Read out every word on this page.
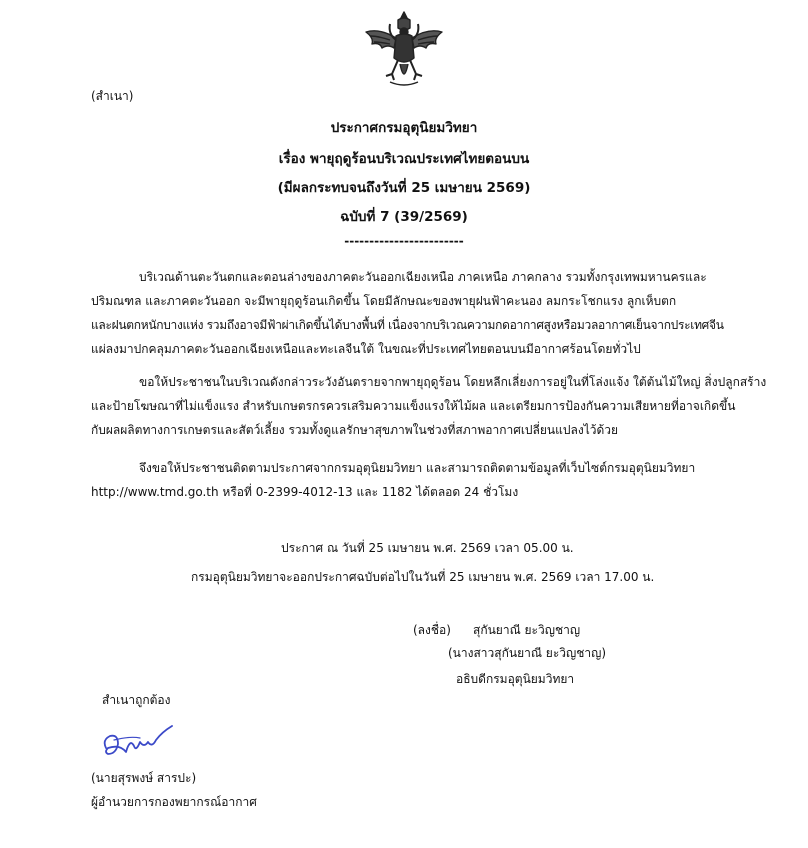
(สำเนา)
ประกาศกรมอุตุนิยมวิทยา
เรื่อง พายุฤดูร้อนบริเวณประเทศไทยตอนบน
(มีผลกระทบจนถึงวันที่ 25 เมษายน 2569)
ฉบับที่ 7 (39/2569)
------------------------
บริเวณด้านตะวันตกและตอนล่างของภาคตะวันออกเฉียงเหนือ ภาคเหนือ ภาคกลาง รวมทั้งกรุงเทพมหานครและ
ปริมณฑล และภาคตะวันออก จะมีพายุฤดูร้อนเกิดขึ้น โดยมีลักษณะของพายุฝนฟ้าคะนอง ลมกระโชกแรง ลูกเห็บตก
และฝนตกหนักบางแห่ง รวมถึงอาจมีฟ้าผ่าเกิดขึ้นได้บางพื้นที่ เนื่องจากบริเวณความกดอากาศสูงหรือมวลอากาศเย็นจากประเทศจีน
แผ่ลงมาปกคลุมภาคตะวันออกเฉียงเหนือและทะเลจีนใต้ ในขณะที่ประเทศไทยตอนบนมีอากาศร้อนโดยทั่วไป
ขอให้ประชาชนในบริเวณดังกล่าวระวังอันตรายจากพายุฤดูร้อน โดยหลีกเลี่ยงการอยู่ในที่โล่งแจ้ง ใต้ต้นไม้ใหญ่ สิ่งปลูกสร้าง
และป้ายโฆษณาที่ไม่แข็งแรง สำหรับเกษตรกรควรเสริมความแข็งแรงให้ไม้ผล และเตรียมการป้องกันความเสียหายที่อาจเกิดขึ้น
กับผลผลิตทางการเกษตรและสัตว์เลี้ยง รวมทั้งดูแลรักษาสุขภาพในช่วงที่สภาพอากาศเปลี่ยนแปลงไว้ด้วย
จึงขอให้ประชาชนติดตามประกาศจากกรมอุตุนิยมวิทยา และสามารถติดตามข้อมูลที่เว็บไซต์กรมอุตุนิยมวิทยา
http://www.tmd.go.th หรือที่ 0-2399-4012-13 และ 1182 ได้ตลอด 24 ชั่วโมง
ประกาศ ณ วันที่ 25 เมษายน พ.ศ. 2569 เวลา 05.00 น.
กรมอุตุนิยมวิทยาจะออกประกาศฉบับต่อไปในวันที่ 25 เมษายน พ.ศ. 2569 เวลา 17.00 น.
(ลงชื่อ) สุกันยาณี ยะวิญชาญ
(นางสาวสุกันยาณี ยะวิญชาญ)
อธิบดีกรมอุตุนิยมวิทยา
สำเนาถูกต้อง
(นายสุรพงษ์ สารปะ)
ผู้อำนวยการกองพยากรณ์อากาศ
